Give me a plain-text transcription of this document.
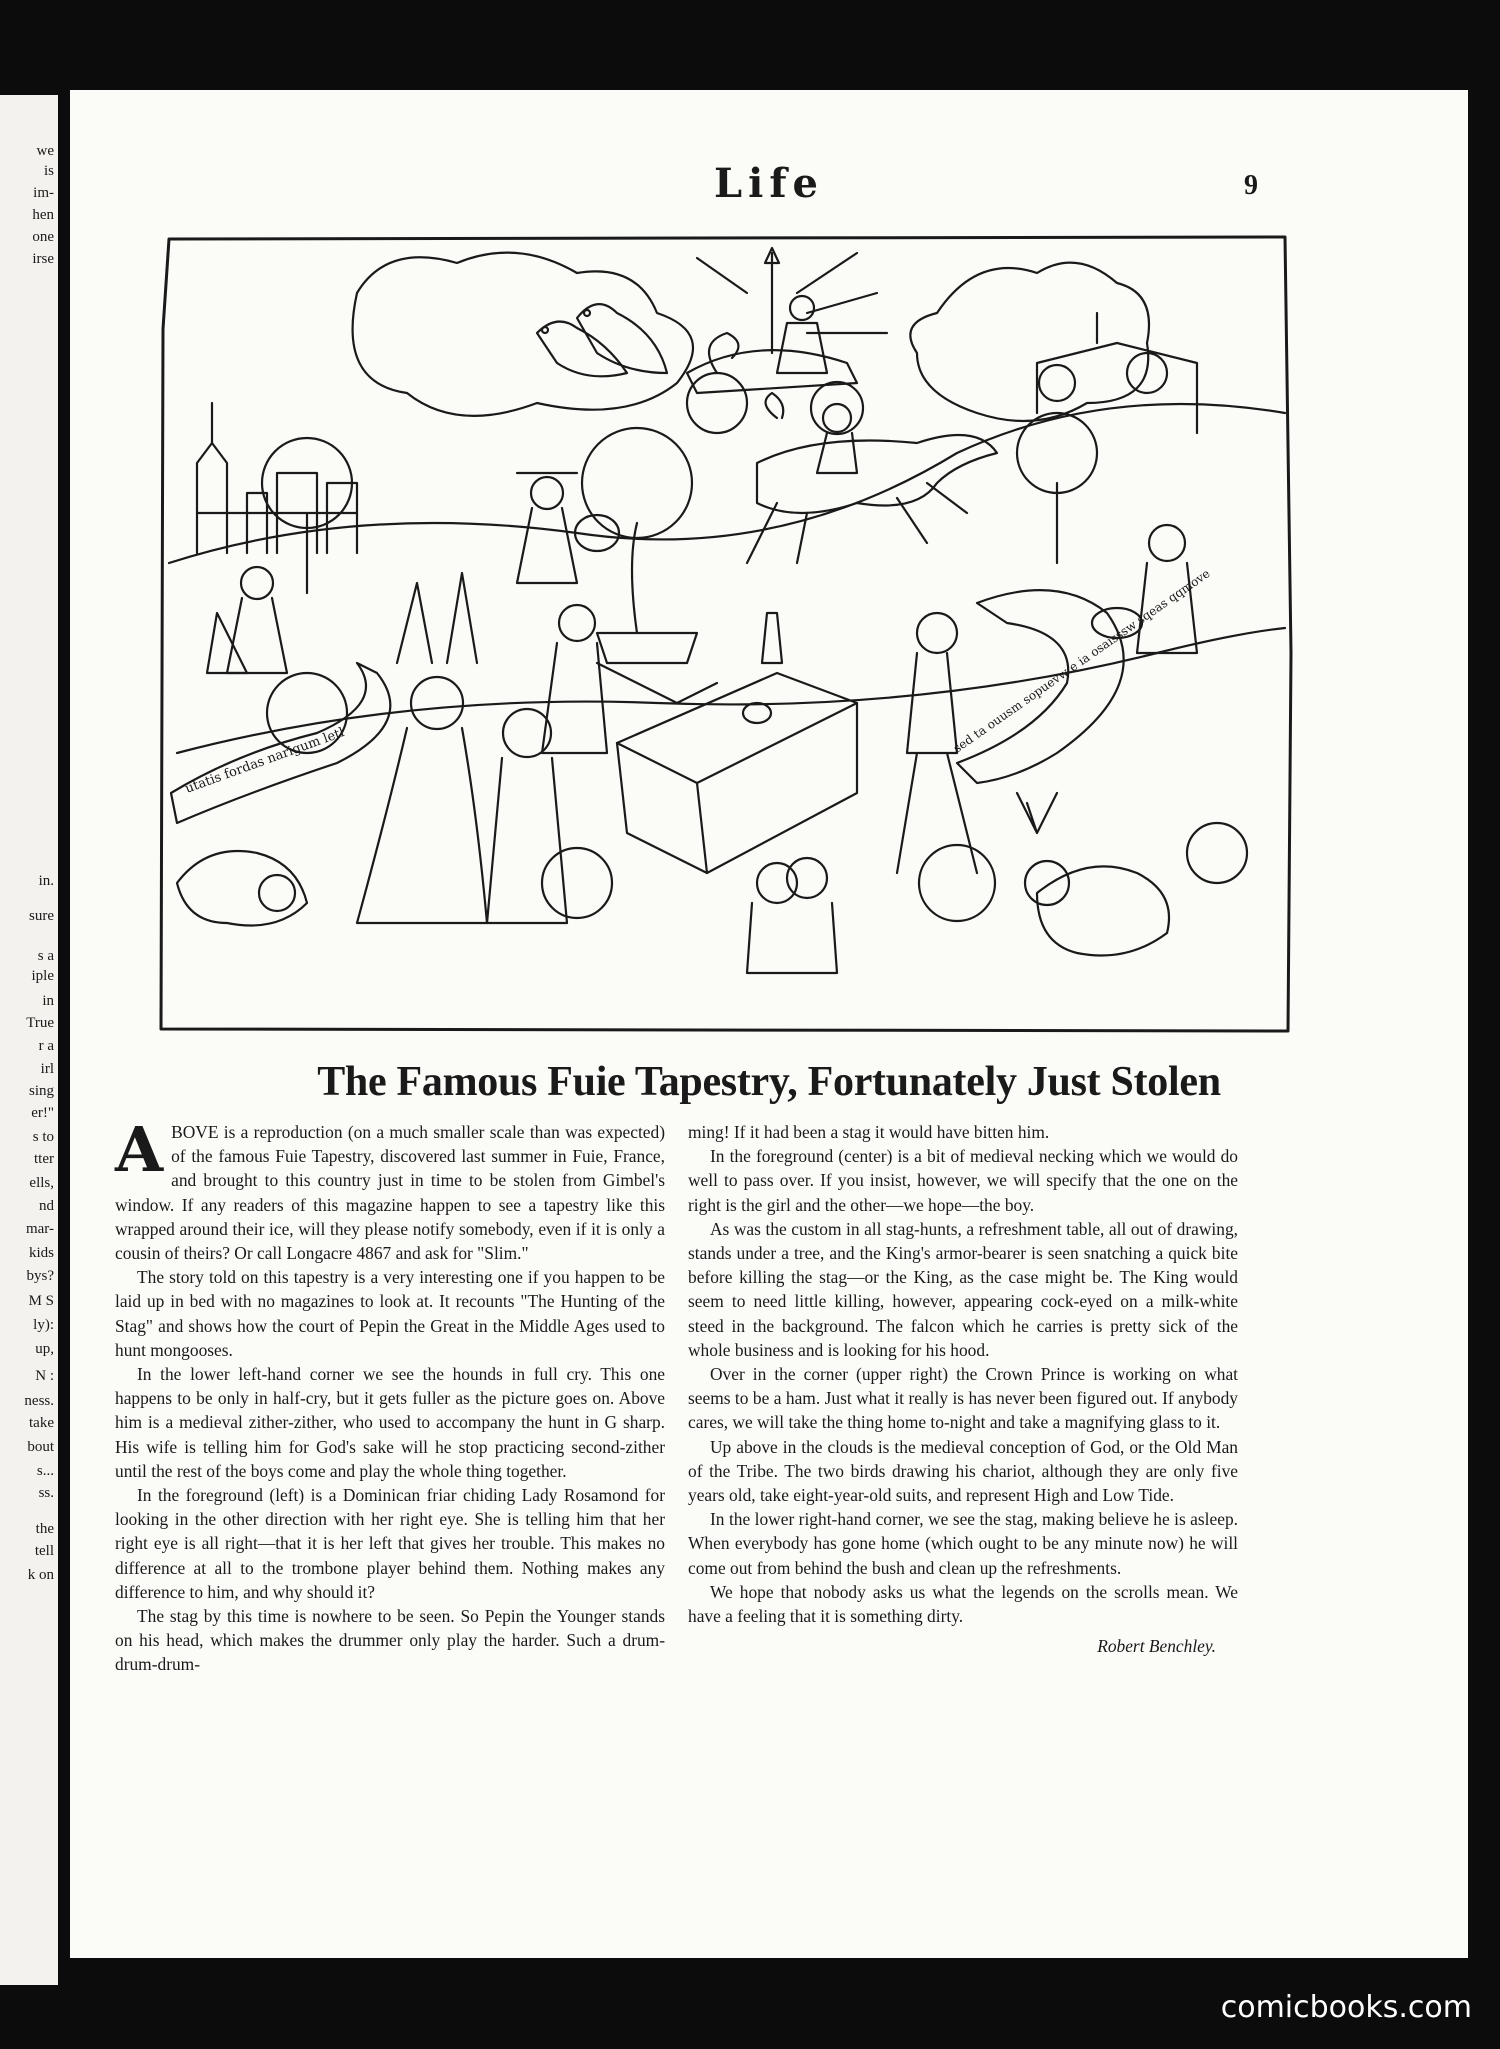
we
is
im-
hen
one
irse
in.
sure
s a
iple
in
True
r a
irl
sing
er!"
s to
tter
ells,
nd
mar-
kids
bys?
M S
ly):
up,
N :
ness.
take
bout
s...
ss.
the
tell
k on
Life	9
utatis fordas narigum letl
sed ta ouusm sopuevw e ia osaisssw sqeas qqmove
The Famous Fuie Tapestry, Fortunately Just Stolen

ABOVE is a reproduction (on a much smaller scale than was expected) of the famous Fuie Tapestry, discovered last summer in Fuie, France, and brought to this country just in time to be stolen from Gimbel's window. If any readers of this magazine happen to see a tapestry like this wrapped around their ice, will they please notify somebody, even if it is only a cousin of theirs? Or call Longacre 4867 and ask for "Slim."

The story told on this tapestry is a very interesting one if you happen to be laid up in bed with no magazines to look at. It recounts "The Hunting of the Stag" and shows how the court of Pepin the Great in the Middle Ages used to hunt mongooses.

In the lower left-hand corner we see the hounds in full cry. This one happens to be only in half-cry, but it gets fuller as the picture goes on. Above him is a medieval zither-zither, who used to accompany the hunt in G sharp. His wife is telling him for God's sake will he stop practicing second-zither until the rest of the boys come and play the whole thing together.

In the foreground (left) is a Dominican friar chiding Lady Rosamond for looking in the other direction with her right eye. She is telling him that her right eye is all right—that it is her left that gives her trouble. This makes no difference at all to the trombone player behind them. Nothing makes any difference to him, and why should it?

The stag by this time is nowhere to be seen. So Pepin the Younger stands on his head, which makes the drummer only play the harder. Such a drum-drum-drum-

ming! If it had been a stag it would have bitten him.

In the foreground (center) is a bit of medieval necking which we would do well to pass over. If you insist, however, we will specify that the one on the right is the girl and the other—we hope—the boy.

As was the custom in all stag-hunts, a refreshment table, all out of drawing, stands under a tree, and the King's armor-bearer is seen snatching a quick bite before killing the stag—or the King, as the case might be. The King would seem to need little killing, however, appearing cock-eyed on a milk-white steed in the background. The falcon which he carries is pretty sick of the whole business and is looking for his hood.

Over in the corner (upper right) the Crown Prince is working on what seems to be a ham. Just what it really is has never been figured out. If anybody cares, we will take the thing home to-night and take a magnifying glass to it.

Up above in the clouds is the medieval conception of God, or the Old Man of the Tribe. The two birds drawing his chariot, although they are only five years old, take eight-year-old suits, and represent High and Low Tide.

In the lower right-hand corner, we see the stag, making believe he is asleep. When everybody has gone home (which ought to be any minute now) he will come out from behind the bush and clean up the refreshments.

We hope that nobody asks us what the legends on the scrolls mean. We have a feeling that it is something dirty.

Robert Benchley.

comicbooks.com
